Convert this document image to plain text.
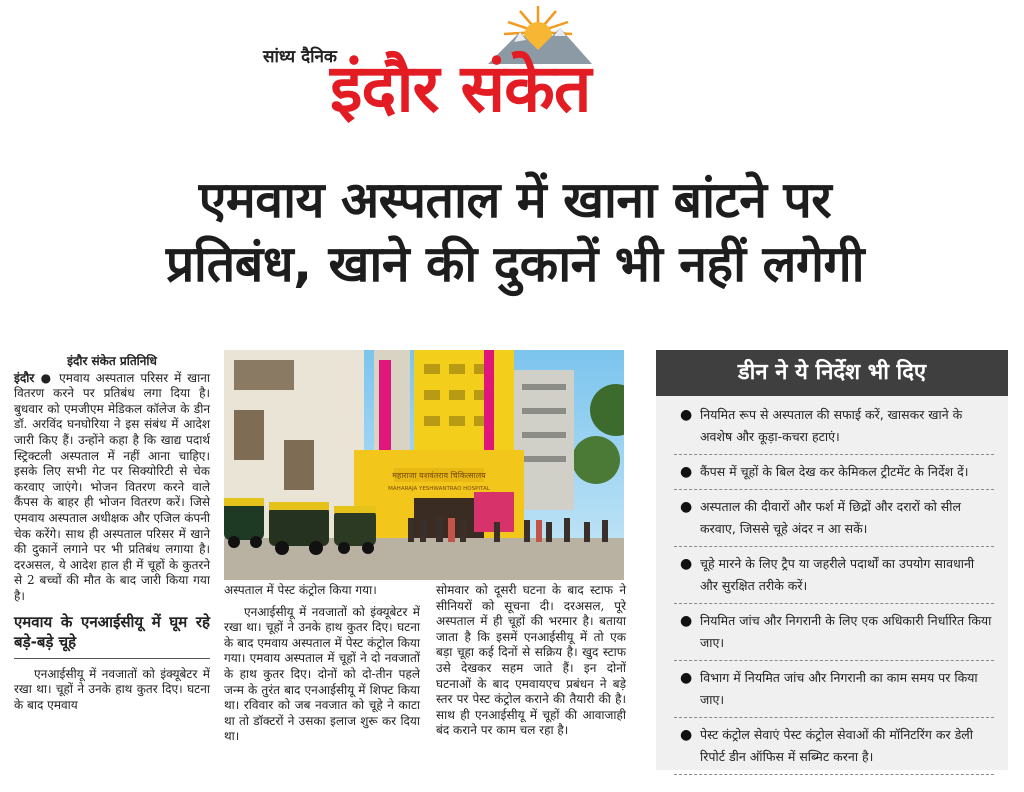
सांध्य दैनिक
इंदौर संकेत
एमवाय अस्पताल में खाना बांटने पर
प्रतिबंध, खाने की दुकानें भी नहीं लगेगी
इंदौर संकेत प्रतिनिधि
इंदौर ● एमवाय अस्पताल परिसर में खाना वितरण करने पर प्रतिबंध लगा दिया है। बुधवार को एमजीएम मेडिकल कॉलेज के डीन डॉ. अरविंद घनघोरिया ने इस संबंध में आदेश जारी किए हैं। उन्होंने कहा है कि खाद्य पदार्थ स्ट्रिक्टली अस्पताल में नहीं आना चाहिए। इसके लिए सभी गेट पर सिक्योरिटी से चेक करवाए जाएंगे। भोजन वितरण करने वाले कैंपस के बाहर ही भोजन वितरण करें। जिसे एमवाय अस्पताल अधीक्षक और एजिल कंपनी चेक करेंगे। साथ ही अस्पताल परिसर में खाने की दुकानें लगाने पर भी प्रतिबंध लगाया है। दरअसल, ये आदेश हाल ही में चूहों के कुतरने से 2 बच्चों की मौत के बाद जारी किया गया है।
एमवाय के एनआईसीयू में घूम रहे बड़े-बड़े चूहे
एनआईसीयू में नवजातों को इंक्यूबेटर में रखा था। चूहों ने उनके हाथ कुतर दिए। घटना के बाद एमवाय
महाराजा यशवंतराव चिकित्सालय
MAHARAJA YESHWANTRAO HOSPITAL
अस्पताल में पेस्ट कंट्रोल किया गया।
एनआईसीयू में नवजातों को इंक्यूबेटर में रखा था। चूहों ने उनके हाथ कुतर दिए। घटना के बाद एमवाय अस्पताल में पेस्ट कंट्रोल किया गया। एमवाय अस्पताल में चूहों ने दो नवजातों के हाथ कुतर दिए। दोनों को दो-तीन पहले जन्म के तुरंत बाद एनआईसीयू में शिफ्ट किया था। रविवार को जब नवजात को चूहे ने काटा था तो डॉक्टरों ने उसका इलाज शुरू कर दिया था।
सोमवार को दूसरी घटना के बाद स्टाफ ने सीनियरों को सूचना दी। दरअसल, पूरे अस्पताल में ही चूहों की भरमार है। बताया जाता है कि इसमें एनआईसीयू में तो एक बड़ा चूहा कई दिनों से सक्रिय है। खुद स्टाफ उसे देखकर सहम जाते हैं। इन दोनों घटनाओं के बाद एमवायएच प्रबंधन ने बड़े स्तर पर पेस्ट कंट्रोल कराने की तैयारी की है। साथ ही एनआईसीयू में चूहों की आवाजाही बंद कराने पर काम चल रहा है।
डीन ने ये निर्देश भी दिए
● नियमित रूप से अस्पताल की सफाई करें, खासकर खाने के अवशेष और कूड़ा-कचरा हटाएं।
● कैंपस में चूहों के बिल देख कर केमिकल ट्रीटमेंट के निर्देश दें।
● अस्पताल की दीवारों और फर्श में छिद्रों और दरारों को सील करवाए, जिससे चूहे अंदर न आ सकें।
● चूहे मारने के लिए ट्रैप या जहरीले पदार्थों का उपयोग सावधानी और सुरक्षित तरीके करें।
● नियमित जांच और निगरानी के लिए एक अधिकारी निर्धारित किया जाए।
● विभाग में नियमित जांच और निगरानी का काम समय पर किया जाए।
● पेस्ट कंट्रोल सेवाएं पेस्ट कंट्रोल सेवाओं की मॉनिटरिंग कर डेली रिपोर्ट डीन ऑफिस में सब्मिट करना है।
